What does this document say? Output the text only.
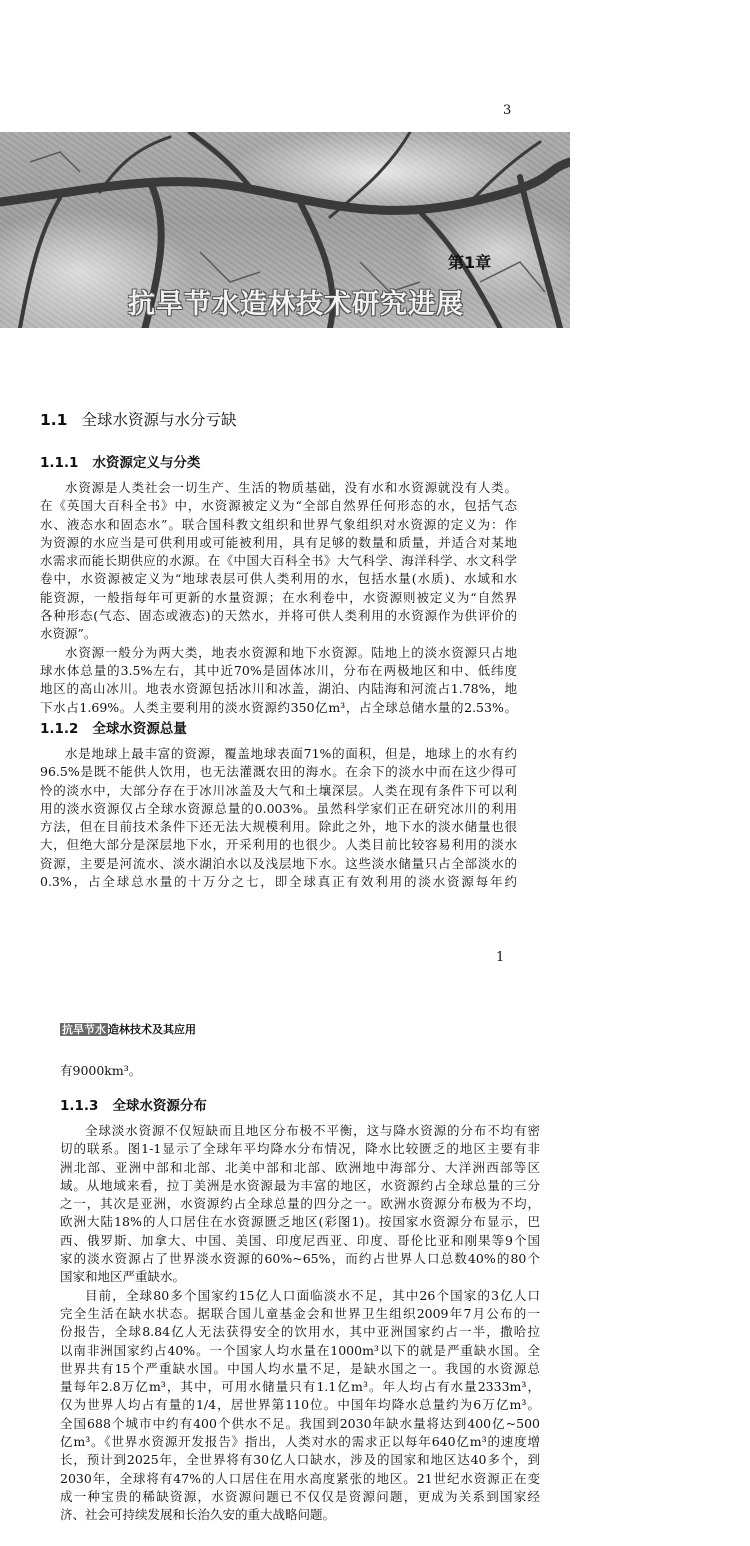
3
第1章
抗旱节水造林技术研究进展
1.1 全球水资源与水分亏缺
1.1.1 水资源定义与分类
水资源是人类社会一切生产、生活的物质基础，没有水和水资源就没有人类。
在《英国大百科全书》中，水资源被定义为“全部自然界任何形态的水，包括气态
水、液态水和固态水”。联合国科教文组织和世界气象组织对水资源的定义为：作
为资源的水应当是可供利用或可能被利用，具有足够的数量和质量，并适合对某地
水需求而能长期供应的水源。在《中国大百科全书》大气科学、海洋科学、水文科学
卷中，水资源被定义为“地球表层可供人类利用的水，包括水量(水质)、水域和水
能资源，一般指每年可更新的水量资源；在水利卷中，水资源则被定义为“自然界
各种形态(气态、固态或液态)的天然水，并将可供人类利用的水资源作为供评价的
水资源”。
水资源一般分为两大类，地表水资源和地下水资源。陆地上的淡水资源只占地
球水体总量的3.5%左右，其中近70%是固体冰川，分布在两极地区和中、低纬度
地区的高山冰川。地表水资源包括冰川和冰盖，湖泊、内陆海和河流占1.78%，地
下水占1.69%。人类主要利用的淡水资源约350亿m³，占全球总储水量的2.53%。
1.1.2 全球水资源总量
水是地球上最丰富的资源，覆盖地球表面71%的面积，但是，地球上的水有约
96.5%是既不能供人饮用，也无法灌溉农田的海水。在余下的淡水中而在这少得可
怜的淡水中，大部分存在于冰川冰盖及大气和土壤深层。人类在现有条件下可以利
用的淡水资源仅占全球水资源总量的0.003%。虽然科学家们正在研究冰川的利用
方法，但在目前技术条件下还无法大规模利用。除此之外，地下水的淡水储量也很
大，但绝大部分是深层地下水，开采利用的也很少。人类目前比较容易利用的淡水
资源，主要是河流水、淡水湖泊水以及浅层地下水。这些淡水储量只占全部淡水的
0.3%，占全球总水量的十万分之七，即全球真正有效利用的淡水资源每年约
1
抗旱节水 造林技术及其应用
有9000km³。
1.1.3 全球水资源分布
全球淡水资源不仅短缺而且地区分布极不平衡，这与降水资源的分布不均有密
切的联系。图1-1显示了全球年平均降水分布情况，降水比较匮乏的地区主要有非
洲北部、亚洲中部和北部、北美中部和北部、欧洲地中海部分、大洋洲西部等区
域。从地域来看，拉丁美洲是水资源最为丰富的地区，水资源约占全球总量的三分
之一，其次是亚洲，水资源约占全球总量的四分之一。欧洲水资源分布极为不均，
欧洲大陆18%的人口居住在水资源匮乏地区(彩图1)。按国家水资源分布显示，巴
西、俄罗斯、加拿大、中国、美国、印度尼西亚、印度、哥伦比亚和刚果等9个国
家的淡水资源占了世界淡水资源的60%~65%，而约占世界人口总数40%的80个
国家和地区严重缺水。
目前，全球80多个国家约15亿人口面临淡水不足，其中26个国家的3亿人口
完全生活在缺水状态。据联合国儿童基金会和世界卫生组织2009年7月公布的一
份报告，全球8.84亿人无法获得安全的饮用水，其中亚洲国家约占一半，撒哈拉
以南非洲国家约占40%。一个国家人均水量在1000m³以下的就是严重缺水国。全
世界共有15个严重缺水国。中国人均水量不足，是缺水国之一。我国的水资源总
量每年2.8万亿m³，其中，可用水储量只有1.1亿m³。年人均占有水量2333m³，
仅为世界人均占有量的1/4，居世界第110位。中国年均降水总量约为6万亿m³。
全国688个城市中约有400个供水不足。我国到2030年缺水量将达到400亿~500
亿m³。《世界水资源开发报告》指出，人类对水的需求正以每年640亿m³的速度增
长，预计到2025年，全世界将有30亿人口缺水，涉及的国家和地区达40多个，到
2030年，全球将有47%的人口居住在用水高度紧张的地区。21世纪水资源正在变
成一种宝贵的稀缺资源，水资源问题已不仅仅是资源问题，更成为关系到国家经
济、社会可持续发展和长治久安的重大战略问题。
